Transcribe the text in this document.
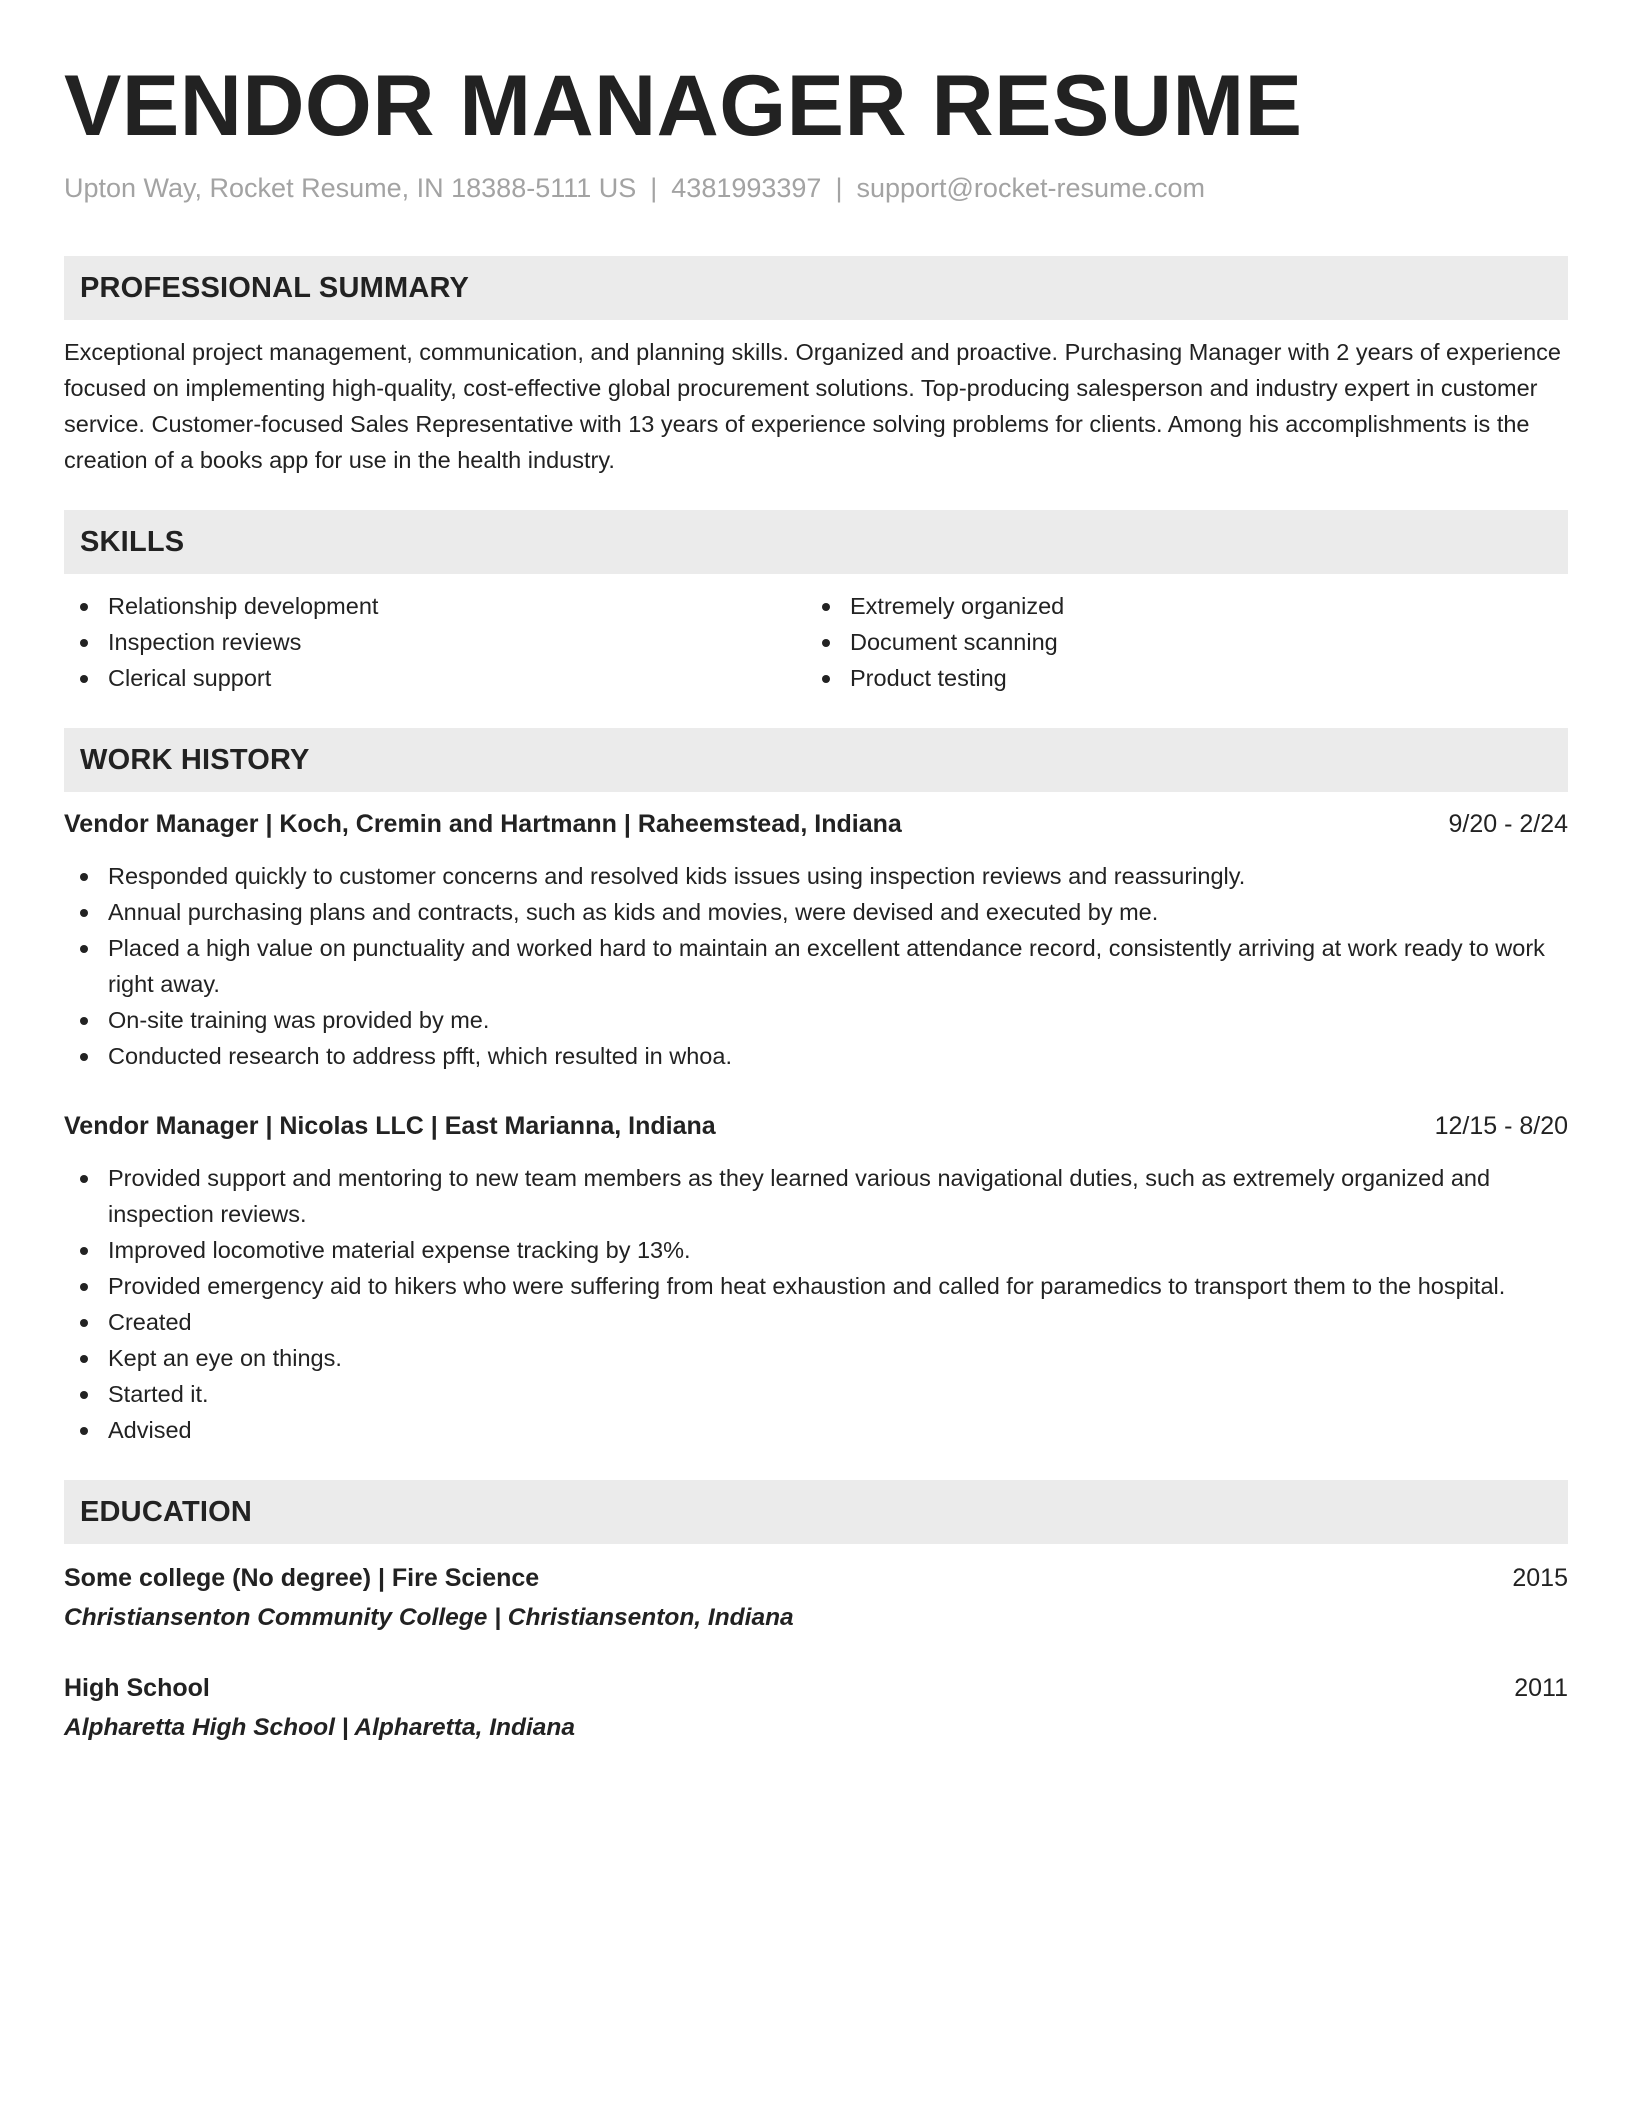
VENDOR MANAGER RESUME
Upton Way, Rocket Resume, IN 18388-5111 US | 4381993397 | support@rocket-resume.com
PROFESSIONAL SUMMARY

Exceptional project management, communication, and planning skills. Organized and proactive. Purchasing Manager with 2 years of experience focused on implementing high-quality, cost-effective global procurement solutions. Top-producing salesperson and industry expert in customer service. Customer-focused Sales Representative with 13 years of experience solving problems for clients. Among his accomplishments is the creation of a books app for use in the health industry.

SKILLS
Relationship development
Inspection reviews
Clerical support
Extremely organized
Document scanning
Product testing
WORK HISTORY
Vendor Manager | Koch, Cremin and Hartmann | Raheemstead, Indiana	9/20 - 2/24
Responded quickly to customer concerns and resolved kids issues using inspection reviews and reassuringly.
Annual purchasing plans and contracts, such as kids and movies, were devised and executed by me.
Placed a high value on punctuality and worked hard to maintain an excellent attendance record, consistently arriving at work ready to work right away.
On-site training was provided by me.
Conducted research to address pfft, which resulted in whoa.
Vendor Manager | Nicolas LLC | East Marianna, Indiana	12/15 - 8/20
Provided support and mentoring to new team members as they learned various navigational duties, such as extremely organized and inspection reviews.
Improved locomotive material expense tracking by 13%.
Provided emergency aid to hikers who were suffering from heat exhaustion and called for paramedics to transport them to the hospital.
Created
Kept an eye on things.
Started it.
Advised
EDUCATION
Some college (No degree) | Fire Science	2015
Christiansenton Community College | Christiansenton, Indiana
High School	2011
Alpharetta High School | Alpharetta, Indiana
